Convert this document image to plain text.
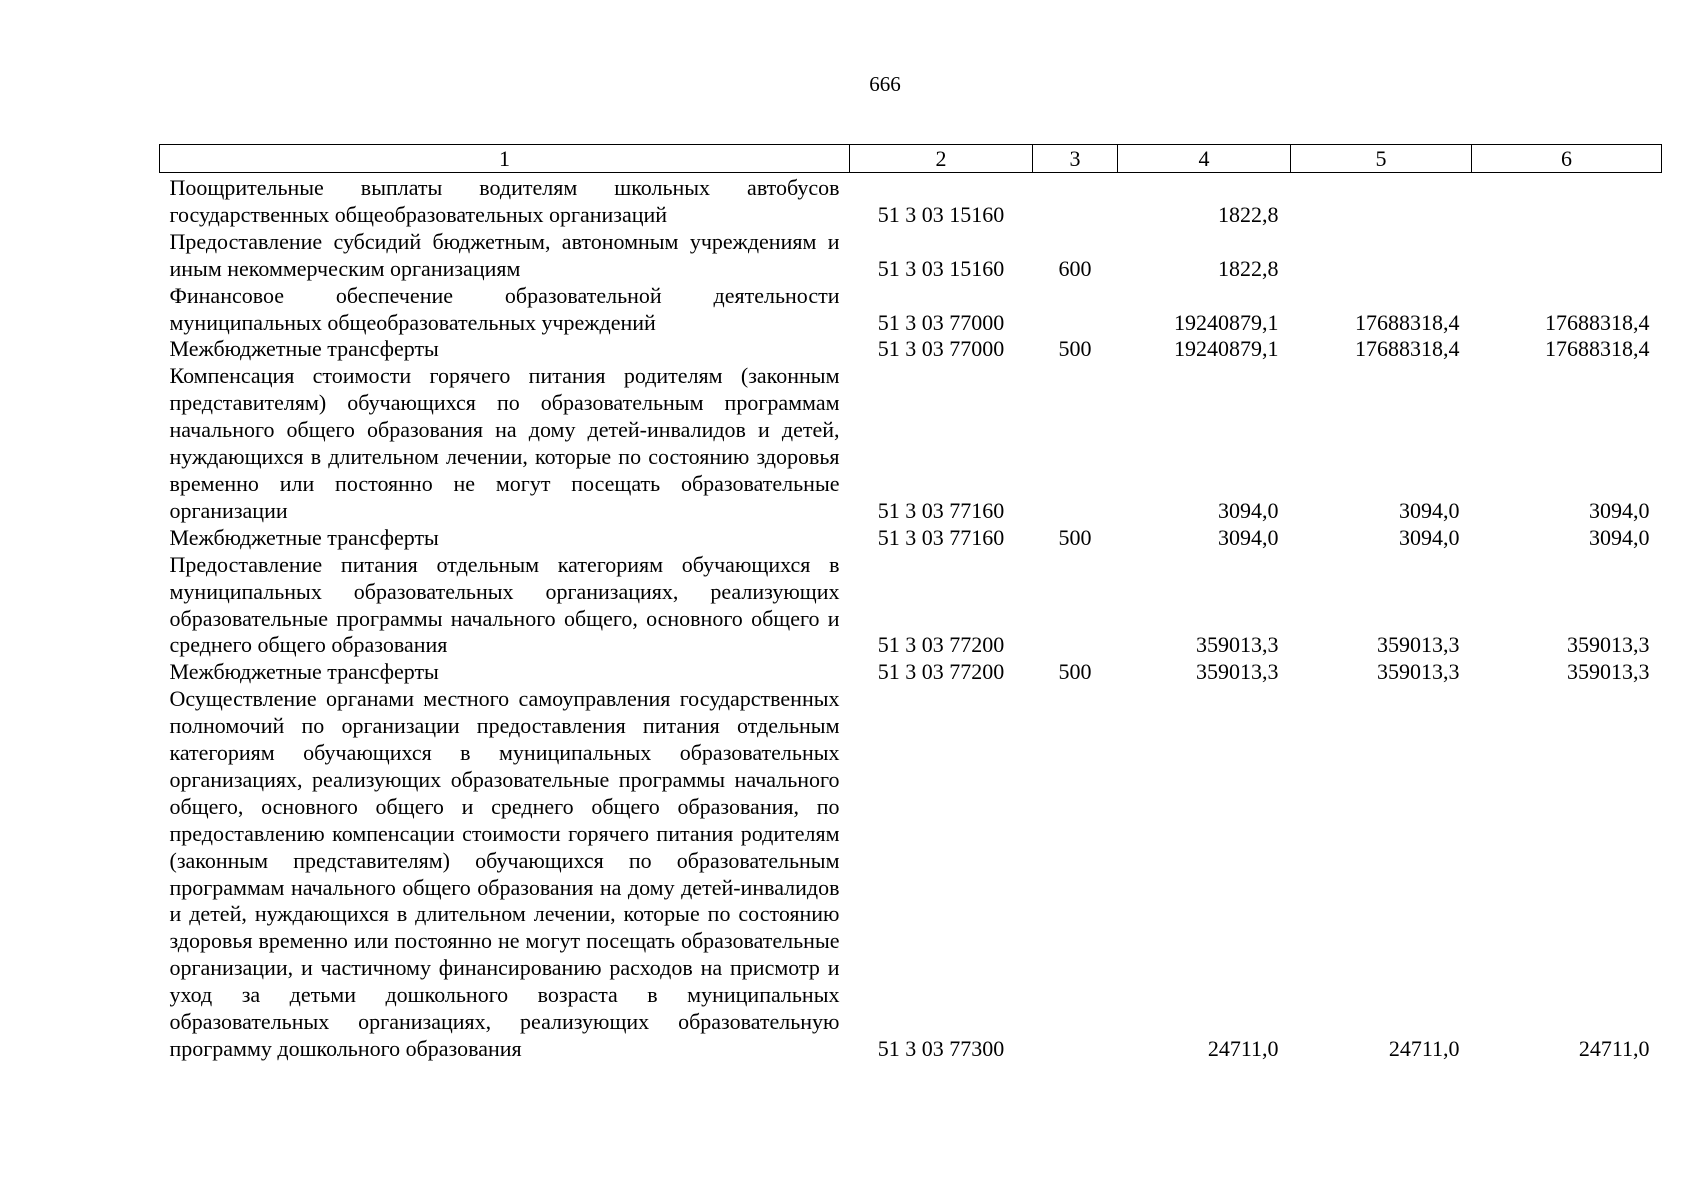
666
1	2	3	4	5	6
Поощрительные выплаты водителям школьных автобусов государственных общеобразовательных организаций	51 3 03 15160		1822,8		
Предоставление субсидий бюджетным, автономным учреждениям и иным некоммерческим организациям	51 3 03 15160	600	1822,8		
Финансовое обеспечение образовательной деятельности муниципальных общеобразовательных учреждений	51 3 03 77000		19240879,1	17688318,4	17688318,4
Межбюджетные трансферты	51 3 03 77000	500	19240879,1	17688318,4	17688318,4
Компенсация стоимости горячего питания родителям (законным представителям) обучающихся по образовательным программам начального общего образования на дому детей-инвалидов и детей, нуждающихся в длительном лечении, которые по состоянию здоровья временно или постоянно не могут посещать образовательные организации	51 3 03 77160		3094,0	3094,0	3094,0
Межбюджетные трансферты	51 3 03 77160	500	3094,0	3094,0	3094,0
Предоставление питания отдельным категориям обучающихся в муниципальных образовательных организациях, реализующих образовательные программы начального общего, основного общего и среднего общего образования	51 3 03 77200		359013,3	359013,3	359013,3
Межбюджетные трансферты	51 3 03 77200	500	359013,3	359013,3	359013,3
Осуществление органами местного самоуправления государственных полномочий по организации предоставления питания отдельным категориям обучающихся в муниципальных образовательных организациях, реализующих образовательные программы начального общего, основного общего и среднего общего образования, по предоставлению компенсации стоимости горячего питания родителям (законным представителям) обучающихся по образовательным программам начального общего образования на дому детей-инвалидов и детей, нуждающихся в длительном лечении, которые по состоянию здоровья временно или постоянно не могут посещать образовательные организации, и частичному финансированию расходов на присмотр и уход за детьми дошкольного возраста в муниципальных образовательных организациях, реализующих образовательную программу дошкольного образования	51 3 03 77300		24711,0	24711,0	24711,0
